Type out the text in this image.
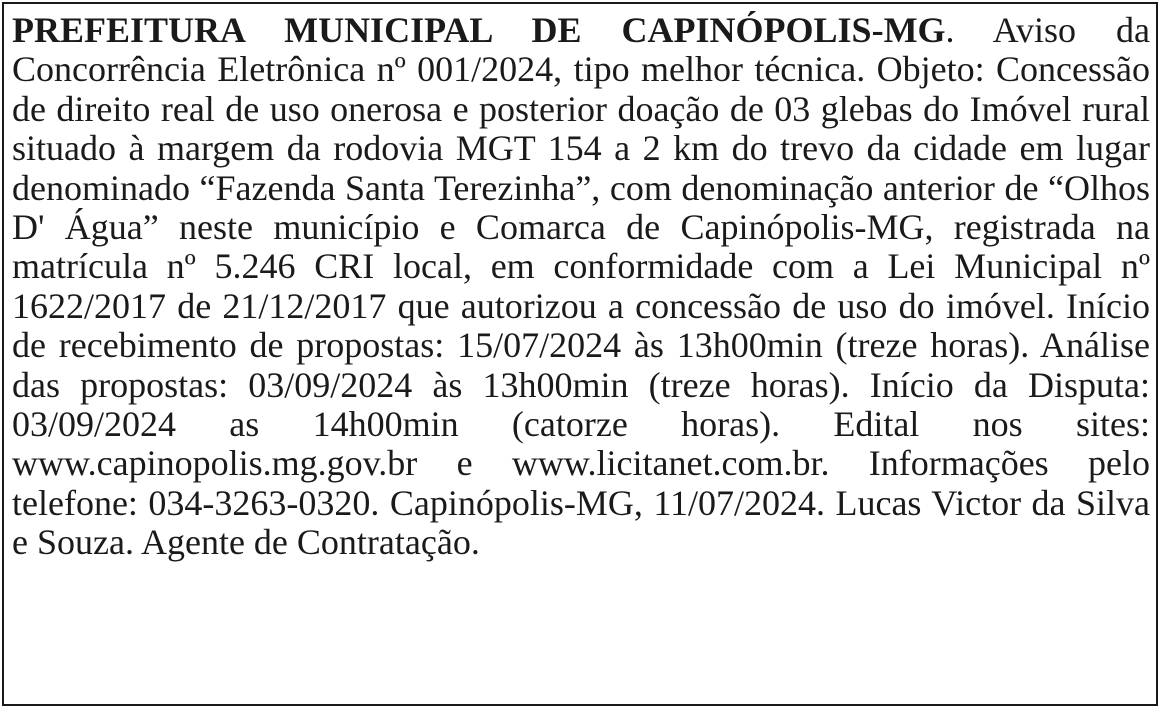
PREFEITURA MUNICIPAL DE CAPINÓPOLIS-MG. Aviso da Concorrência Eletrônica nº 001/2024, tipo melhor técnica. Objeto: Concessão de direito real de uso onerosa e posterior doação de 03 glebas do Imóvel rural situado à margem da rodovia MGT 154 a 2 km do trevo da cidade em lugar denominado “Fazenda Santa Terezinha”, com denominação anterior de “Olhos D' Água” neste município e Comarca de Capinópolis-MG, registrada na matrícula nº 5.246 CRI local, em conformidade com a Lei Municipal nº 1622/2017 de 21/12/2017 que autorizou a concessão de uso do imóvel. Início de recebimento de propostas: 15/07/2024 às 13h00min (treze horas). Análise das propostas: 03/09/2024 às 13h00min (treze horas). Início da Disputa: 03/09/2024 as 14h00min (catorze horas). Edital nos sites: www.capinopolis.mg.gov.br e www.licitanet.com.br. Informações pelo telefone: 034-3263-0320. Capinópolis-MG, 11/07/2024. Lucas Victor da Silva e Souza. Agente de Contratação.
